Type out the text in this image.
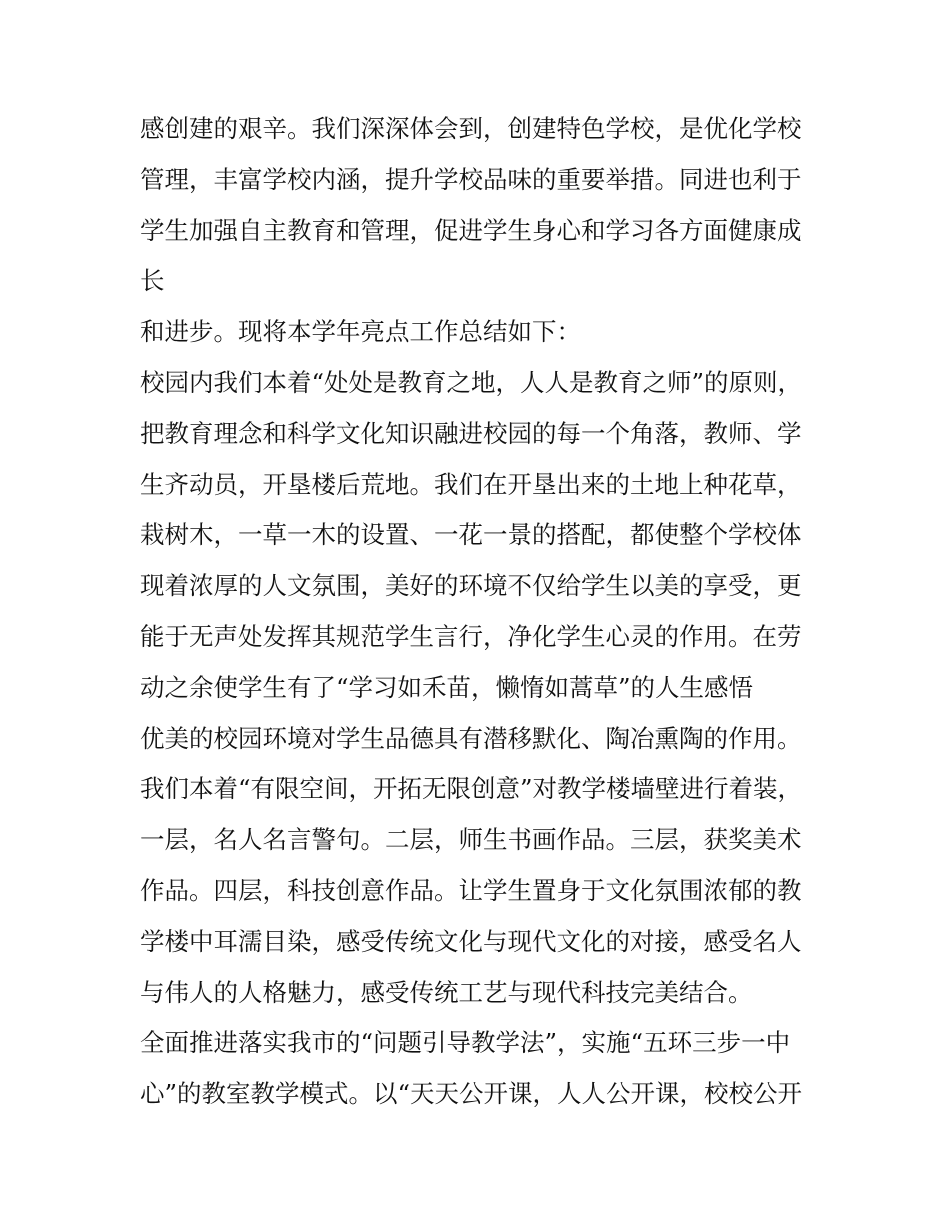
感创建的艰辛。我们深深体会到，创建特色学校，是优化学校
管理，丰富学校内涵，提升学校品味的重要举措。同进也利于
学生加强自主教育和管理，促进学生身心和学习各方面健康成
长
和进步。现将本学年亮点工作总结如下：
校园内我们本着“处处是教育之地，人人是教育之师”的原则，
把教育理念和科学文化知识融进校园的每一个角落，教师、学
生齐动员，开垦楼后荒地。我们在开垦出来的土地上种花草，
栽树木，一草一木的设置、一花一景的搭配，都使整个学校体
现着浓厚的人文氛围，美好的环境不仅给学生以美的享受，更
能于无声处发挥其规范学生言行，净化学生心灵的作用。在劳
动之余使学生有了“学习如禾苗，懒惰如蒿草”的人生感悟
优美的校园环境对学生品德具有潜移默化、陶冶熏陶的作用。
我们本着“有限空间，开拓无限创意”对教学楼墙壁进行着装，
一层，名人名言警句。二层，师生书画作品。三层，获奖美术
作品。四层，科技创意作品。让学生置身于文化氛围浓郁的教
学楼中耳濡目染，感受传统文化与现代文化的对接，感受名人
与伟人的人格魅力，感受传统工艺与现代科技完美结合。
全面推进落实我市的“问题引导教学法”，实施“五环三步一中
心”的教室教学模式。以“天天公开课，人人公开课，校校公开
